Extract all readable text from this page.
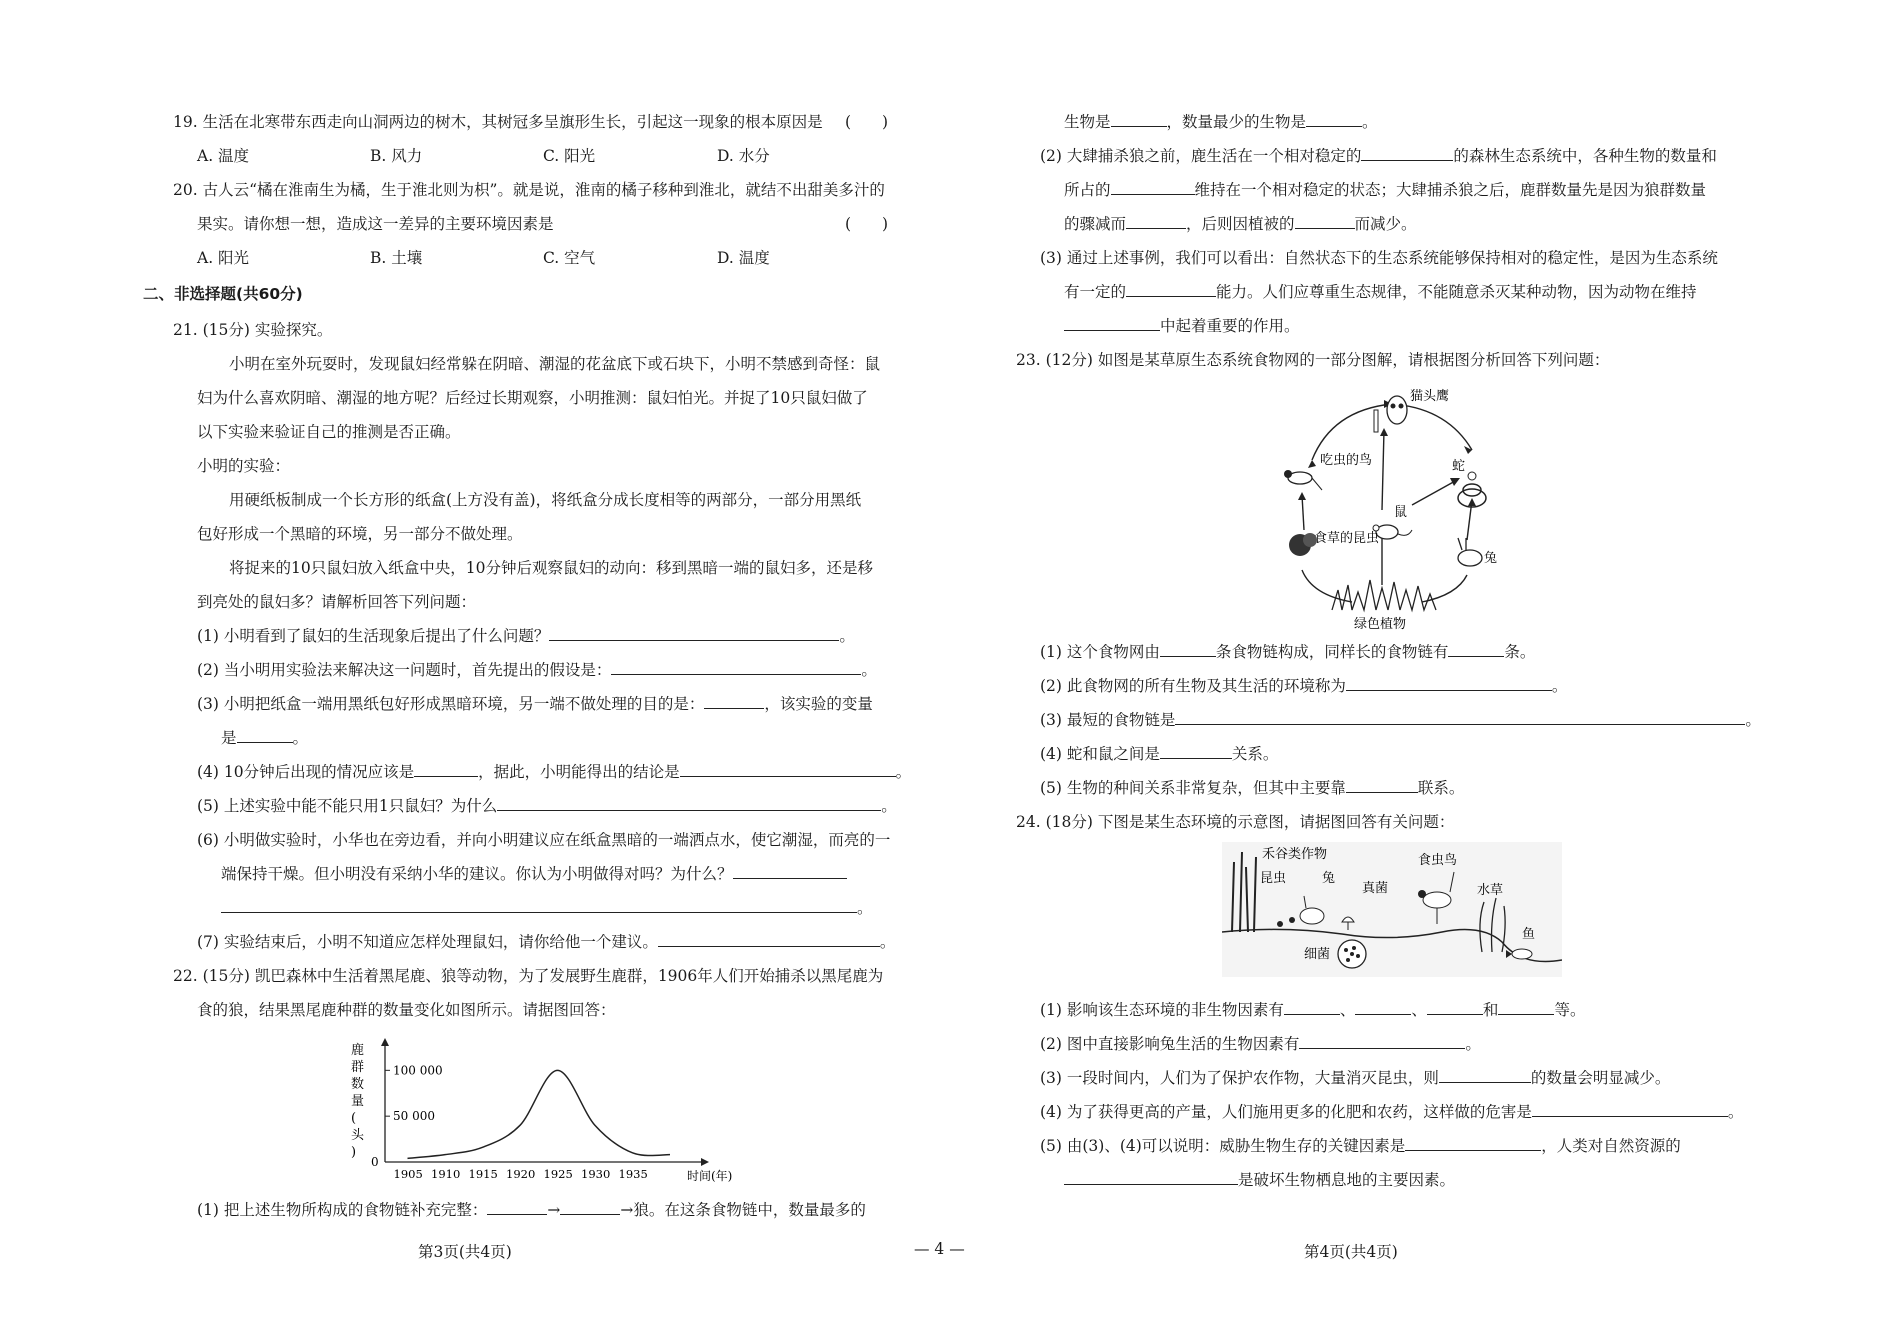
19. 生活在北寒带东西走向山洞两边的树木，其树冠多呈旗形生长，引起这一现象的根本原因是 (　　)
A. 温度	B. 风力	C. 阳光	D. 水分
20. 古人云“橘在淮南生为橘，生于淮北则为枳”。就是说，淮南的橘子移种到淮北，就结不出甜美多汁的
果实。请你想一想，造成这一差异的主要环境因素是	(　　)
A. 阳光	B. 土壤	C. 空气	D. 温度
二、非选择题(共60分)
21. (15分) 实验探究。
小明在室外玩耍时，发现鼠妇经常躲在阴暗、潮湿的花盆底下或石块下，小明不禁感到奇怪：鼠
妇为什么喜欢阴暗、潮湿的地方呢？后经过长期观察，小明推测：鼠妇怕光。并捉了10只鼠妇做了
以下实验来验证自己的推测是否正确。
小明的实验：
用硬纸板制成一个长方形的纸盒(上方没有盖)，将纸盒分成长度相等的两部分，一部分用黑纸
包好形成一个黑暗的环境，另一部分不做处理。
将捉来的10只鼠妇放入纸盒中央，10分钟后观察鼠妇的动向：移到黑暗一端的鼠妇多，还是移
到亮处的鼠妇多？请解析回答下列问题：
(1) 小明看到了鼠妇的生活现象后提出了什么问题？	。
(2) 当小明用实验法来解决这一问题时，首先提出的假设是：	。
(3) 小明把纸盒一端用黑纸包好形成黑暗环境，另一端不做处理的目的是：	，该实验的变量
是	。
(4) 10分钟后出现的情况应该是	，据此，小明能得出的结论是	。
(5) 上述实验中能不能只用1只鼠妇？为什么	。
(6) 小明做实验时，小华也在旁边看，并向小明建议应在纸盒黑暗的一端洒点水，使它潮湿，而亮的一
端保持干燥。但小明没有采纳小华的建议。你认为小明做得对吗？为什么？
。
(7) 实验结束后，小明不知道应怎样处理鼠妇，请你给他一个建议。	。
22. (15分) 凯巴森林中生活着黑尾鹿、狼等动物，为了发展野生鹿群，1906年人们开始捕杀以黑尾鹿为
食的狼，结果黑尾鹿种群的数量变化如图所示。请据图回答：
鹿
群
数
量
(
头
)
100 000
50 000
0
1905 1910 1915 1920 1925 1930 1935	时间(年)
(1) 把上述生物所构成的食物链补充完整：	→	→狼。在这条食物链中，数量最多的
生物是	，数量最少的生物是	。
(2) 大肆捕杀狼之前，鹿生活在一个相对稳定的	的森林生态系统中，各种生物的数量和
所占的	维持在一个相对稳定的状态；大肆捕杀狼之后，鹿群数量先是因为狼群数量
的骤减而	，后则因植被的	而减少。
(3) 通过上述事例，我们可以看出：自然状态下的生态系统能够保持相对的稳定性，是因为生态系统
有一定的	能力。人们应尊重生态规律，不能随意杀灭某种动物，因为动物在维持
中起着重要的作用。
23. (12分) 如图是某草原生态系统食物网的一部分图解，请根据图分析回答下列问题：
猫头鹰
吃虫的鸟	蛇
鼠
食草的昆虫
兔
绿色植物
(1) 这个食物网由	条食物链构成，同样长的食物链有	条。
(2) 此食物网的所有生物及其生活的环境称为	。
(3) 最短的食物链是	。
(4) 蛇和鼠之间是	关系。
(5) 生物的种间关系非常复杂，但其中主要靠	联系。
24. (18分) 下图是某生态环境的示意图，请据图回答有关问题：
禾谷类作物
昆虫	兔
真菌
食虫鸟
水草
鱼
细菌
(1) 影响该生态环境的非生物因素有	、	、	和	等。
(2) 图中直接影响兔生活的生物因素有	。
(3) 一段时间内，人们为了保护农作物，大量消灭昆虫，则	的数量会明显减少。
(4) 为了获得更高的产量，人们施用更多的化肥和农药，这样做的危害是	。
(5) 由(3)、(4)可以说明：威胁生物生存的关键因素是	，人类对自然资源的
是破坏生物栖息地的主要因素。
第3页(共4页)	— 4 —	第4页(共4页)
